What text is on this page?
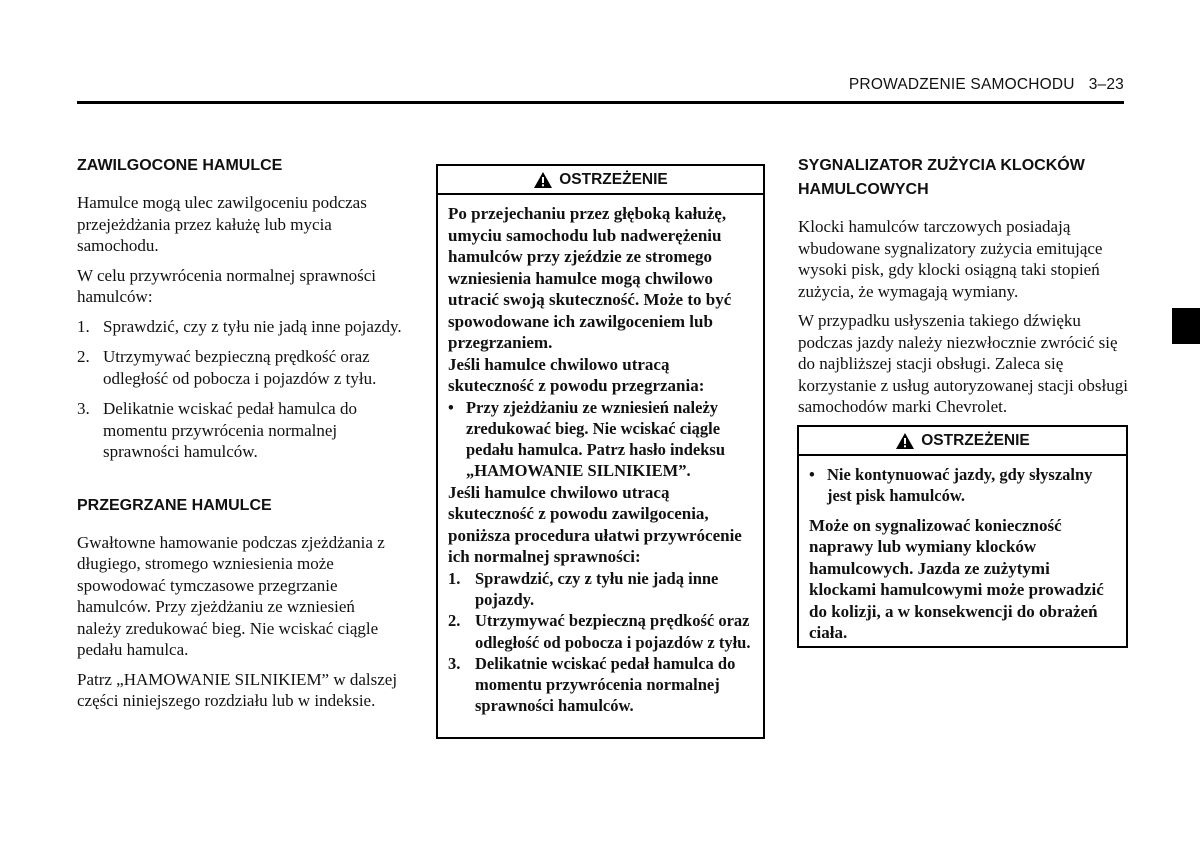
PROWADZENIE SAMOCHODU 3–23
ZAWILGOCONE HAMULCE

Hamulce mogą ulec zawilgoceniu podczas przejeżdżania przez kałużę lub mycia samochodu.

W celu przywrócenia normalnej sprawności hamulców:

1. Sprawdzić, czy z tyłu nie jadą inne pojazdy.
2. Utrzymywać bezpieczną prędkość oraz odległość od pobocza i pojazdów z tyłu.
3. Delikatnie wciskać pedał hamulca do momentu przywrócenia normalnej sprawności hamulców.
PRZEGRZANE HAMULCE

Gwałtowne hamowanie podczas zjeżdżania z długiego, stromego wzniesienia może spowodować tymczasowe przegrzanie hamulców. Przy zjeżdżaniu ze wzniesień należy zredukować bieg. Nie wciskać ciągle pedału hamulca.

Patrz „HAMOWANIE SILNIKIEM” w dalszej części niniejszego rozdziału lub w indeksie.

OSTRZEŻENIE

Po przejechaniu przez głęboką kałużę, umyciu samochodu lub nadwerężeniu hamulców przy zjeździe ze stromego wzniesienia hamulce mogą chwilowo utracić swoją skuteczność. Może to być spowodowane ich zawilgoceniem lub przegrzaniem.

Jeśli hamulce chwilowo utracą skuteczność z powodu przegrzania:

• Przy zjeżdżaniu ze wzniesień należy zredukować bieg. Nie wciskać ciągle pedału hamulca. Patrz hasło indeksu „HAMOWANIE SILNIKIEM”.

Jeśli hamulce chwilowo utracą skuteczność z powodu zawilgocenia, poniższa procedura ułatwi przywrócenie ich normalnej sprawności:

1. Sprawdzić, czy z tyłu nie jadą inne pojazdy.
2. Utrzymywać bezpieczną prędkość oraz odległość od pobocza i pojazdów z tyłu.
3. Delikatnie wciskać pedał hamulca do momentu przywrócenia normalnej sprawności hamulców.
SYGNALIZATOR ZUŻYCIA KLOCKÓW HAMULCOWYCH

Klocki hamulców tarczowych posiadają wbudowane sygnalizatory zużycia emitujące wysoki pisk, gdy klocki osiągną taki stopień zużycia, że wymagają wymiany.

W przypadku usłyszenia takiego dźwięku podczas jazdy należy niezwłocznie zwrócić się do najbliższej stacji obsługi. Zaleca się korzystanie z usług autoryzowanej stacji obsługi samochodów marki Chevrolet.

OSTRZEŻENIE
• Nie kontynuować jazdy, gdy słyszalny jest pisk hamulców.

Może on sygnalizować konieczność naprawy lub wymiany klocków hamulcowych. Jazda ze zużytymi klockami hamulcowymi może prowadzić do kolizji, a w konsekwencji do obrażeń ciała.
